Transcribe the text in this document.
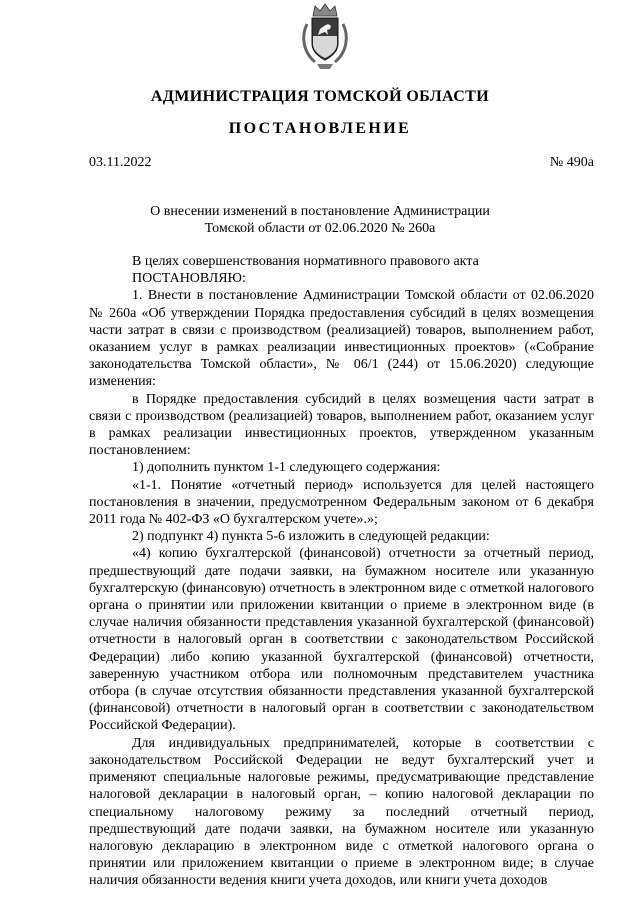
АДМИНИСТРАЦИЯ ТОМСКОЙ ОБЛАСТИ
ПОСТАНОВЛЕНИЕ
03.11.2022	№ 490а
О внесении изменений в постановление Администрации
Томской области от 02.06.2020 № 260а

В целях совершенствования нормативного правового акта

ПОСТАНОВЛЯЮ:

1. Внести в постановление Администрации Томской области от 02.06.2020 № 260а «Об утверждении Порядка предоставления субсидий в целях возмещения части затрат в связи с производством (реализацией) товаров, выполнением работ, оказанием услуг в рамках реализации инвестиционных проектов» («Собрание законодательства Томской области», № 06/1 (244) от 15.06.2020) следующие изменения:

в Порядке предоставления субсидий в целях возмещения части затрат в связи с производством (реализацией) товаров, выполнением работ, оказанием услуг в рамках реализации инвестиционных проектов, утвержденном указанным постановлением:

1) дополнить пунктом 1-1 следующего содержания:

«1-1. Понятие «отчетный период» используется для целей настоящего постановления в значении, предусмотренном Федеральным законом от 6 декабря 2011 года № 402-ФЗ «О бухгалтерском учете».»;

2) подпункт 4) пункта 5-6 изложить в следующей редакции:

«4) копию бухгалтерской (финансовой) отчетности за отчетный период, предшествующий дате подачи заявки, на бумажном носителе или указанную бухгалтерскую (финансовую) отчетность в электронном виде с отметкой налогового органа о принятии или приложении квитанции о приеме в электронном виде (в случае наличия обязанности представления указанной бухгалтерской (финансовой) отчетности в налоговый орган в соответствии с законодательством Российской Федерации) либо копию указанной бухгалтерской (финансовой) отчетности, заверенную участником отбора или полномочным представителем участника отбора (в случае отсутствия обязанности представления указанной бухгалтерской (финансовой) отчетности в налоговый орган в соответствии с законодательством Российской Федерации).

Для индивидуальных предпринимателей, которые в соответствии с законодательством Российской Федерации не ведут бухгалтерский учет и применяют специальные налоговые режимы, предусматривающие представление налоговой декларации в налоговый орган, – копию налоговой декларации по специальному налоговому режиму за последний отчетный период, предшествующий дате подачи заявки, на бумажном носителе или указанную налоговую декларацию в электронном виде с отметкой налогового органа о принятии или приложением квитанции о приеме в электронном виде; в случае наличия обязанности ведения книги учета доходов, или книги учета доходов
